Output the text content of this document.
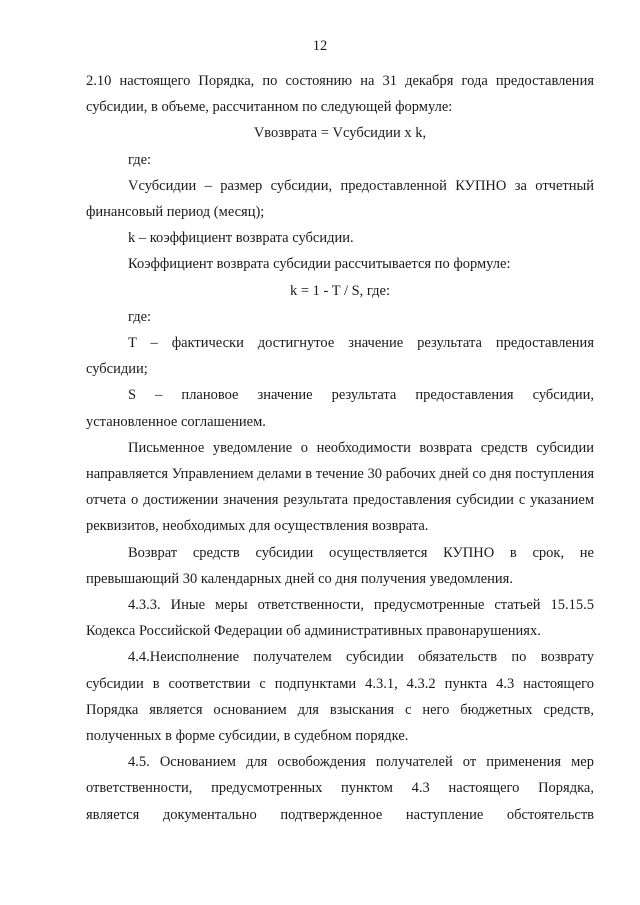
12

2.10 настоящего Порядка, по состоянию на 31 декабря года предоставления субсидии, в объеме, рассчитанном по следующей формуле:

Vвозврата = Vсубсидии x k,

где:

Vсубсидии – размер субсидии, предоставленной КУПНО за отчетный финансовый период (месяц);

k – коэффициент возврата субсидии.

Коэффициент возврата субсидии рассчитывается по формуле:

k = 1 - T / S, где:

где:

T – фактически достигнутое значение результата предоставления субсидии;

S – плановое значение результата предоставления субсидии, установленное соглашением.

Письменное уведомление о необходимости возврата средств субсидии направляется Управлением делами в течение 30 рабочих дней со дня поступления отчета о достижении значения результата предоставления субсидии с указанием реквизитов, необходимых для осуществления возврата.

Возврат средств субсидии осуществляется КУПНО в срок, не превышающий 30 календарных дней со дня получения уведомления.

4.3.3. Иные меры ответственности, предусмотренные статьей 15.15.5 Кодекса Российской Федерации об административных правонарушениях.

4.4.Неисполнение получателем субсидии обязательств по возврату субсидии в соответствии с подпунктами 4.3.1, 4.3.2 пункта 4.3 настоящего Порядка является основанием для взыскания с него бюджетных средств, полученных в форме субсидии, в судебном порядке.

4.5. Основанием для освобождения получателей от применения мер
ответственности, предусмотренных пунктом 4.3 настоящего Порядка,
является документально подтвержденное наступление обстоятельств
